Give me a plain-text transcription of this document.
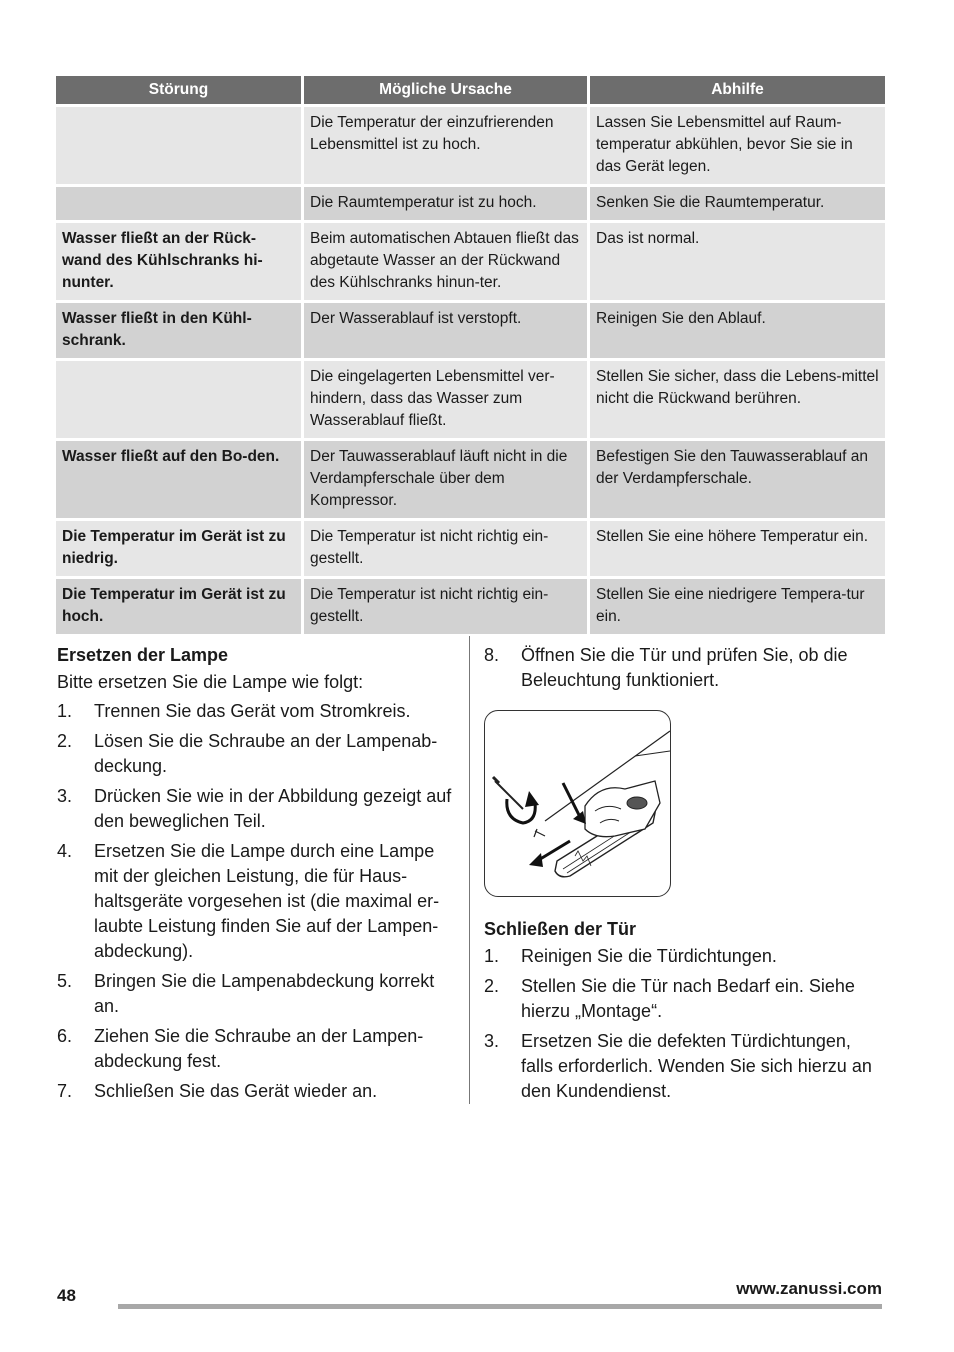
Störung	Mögliche Ursache	Abhilfe
	Die Temperatur der einzufrierenden Lebensmittel ist zu hoch.	Lassen Sie Lebensmittel auf Raum-temperatur abkühlen, bevor Sie sie in das Gerät legen.
	Die Raumtemperatur ist zu hoch.	Senken Sie die Raumtemperatur.
Wasser fließt an der Rück-wand des Kühlschranks hi-nunter.	Beim automatischen Abtauen fließt das abgetaute Wasser an der Rückwand des Kühlschranks hinun-ter.	Das ist normal.
Wasser fließt in den Kühl-schrank.	Der Wasserablauf ist verstopft.	Reinigen Sie den Ablauf.
	Die eingelagerten Lebensmittel ver-hindern, dass das Wasser zum Wasserablauf fließt.	Stellen Sie sicher, dass die Lebens-mittel nicht die Rückwand berühren.
Wasser fließt auf den Bo-den.	Der Tauwasserablauf läuft nicht in die Verdampferschale über dem Kompressor.	Befestigen Sie den Tauwasserablauf an der Verdampferschale.
Die Temperatur im Gerät ist zu niedrig.	Die Temperatur ist nicht richtig ein-gestellt.	Stellen Sie eine höhere Temperatur ein.
Die Temperatur im Gerät ist zu hoch.	Die Temperatur ist nicht richtig ein-gestellt.	Stellen Sie eine niedrigere Tempera-tur ein.
Ersetzen der Lampe

Bitte ersetzen Sie die Lampe wie folgt:

1. Trennen Sie das Gerät vom Stromkreis.
2. Lösen Sie die Schraube an der Lampenab-deckung.
3. Drücken Sie wie in der Abbildung gezeigt auf den beweglichen Teil.
4. Ersetzen Sie die Lampe durch eine Lampe mit der gleichen Leistung, die für Haus-haltsgeräte vorgesehen ist (die maximal er-laubte Leistung finden Sie auf der Lampen-abdeckung).
5. Bringen Sie die Lampenabdeckung korrekt an.
6. Ziehen Sie die Schraube an der Lampen-abdeckung fest.
7. Schließen Sie das Gerät wieder an.
8. Öffnen Sie die Tür und prüfen Sie, ob die Beleuchtung funktioniert.
Schließen der Tür
1. Reinigen Sie die Türdichtungen.
2. Stellen Sie die Tür nach Bedarf ein. Siehe hierzu „Montage“.
3. Ersetzen Sie die defekten Türdichtungen, falls erforderlich. Wenden Sie sich hierzu an den Kundendienst.
48	www.zanussi.com
